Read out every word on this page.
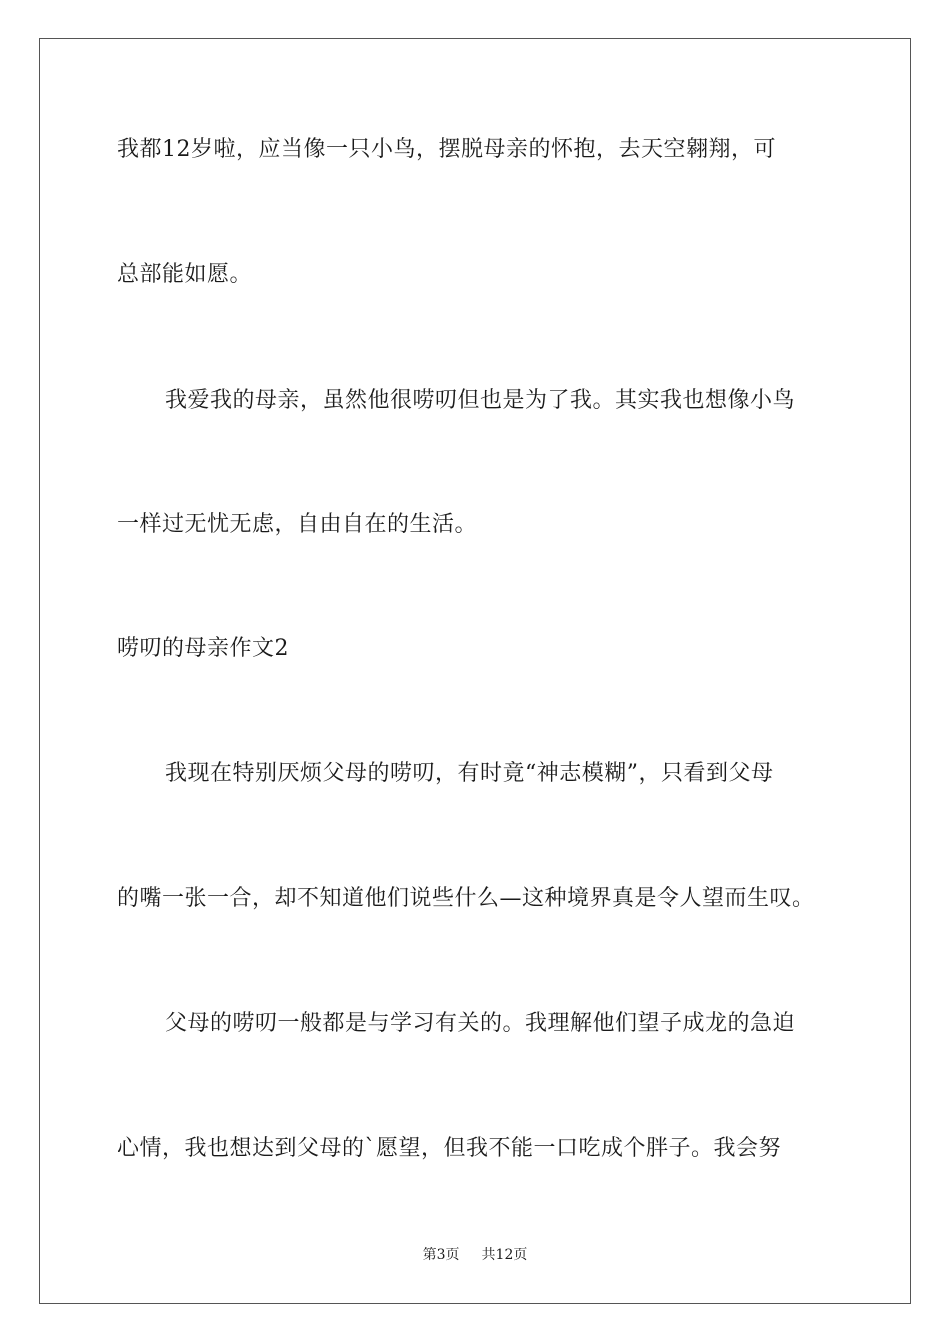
我都12岁啦，应当像一只小鸟，摆脱母亲的怀抱，去天空翱翔，可
总部能如愿。
我爱我的母亲，虽然他很唠叨但也是为了我。其实我也想像小鸟
一样过无忧无虑，自由自在的生活。
唠叨的母亲作文2
我现在特别厌烦父母的唠叨，有时竟“神志模糊”，只看到父母
的嘴一张一合，却不知道他们说些什么—这种境界真是令人望而生叹。
父母的唠叨一般都是与学习有关的。我理解他们望子成龙的急迫
心情，我也想达到父母的`愿望，但我不能一口吃成个胖子。我会努
第3页 共12页
